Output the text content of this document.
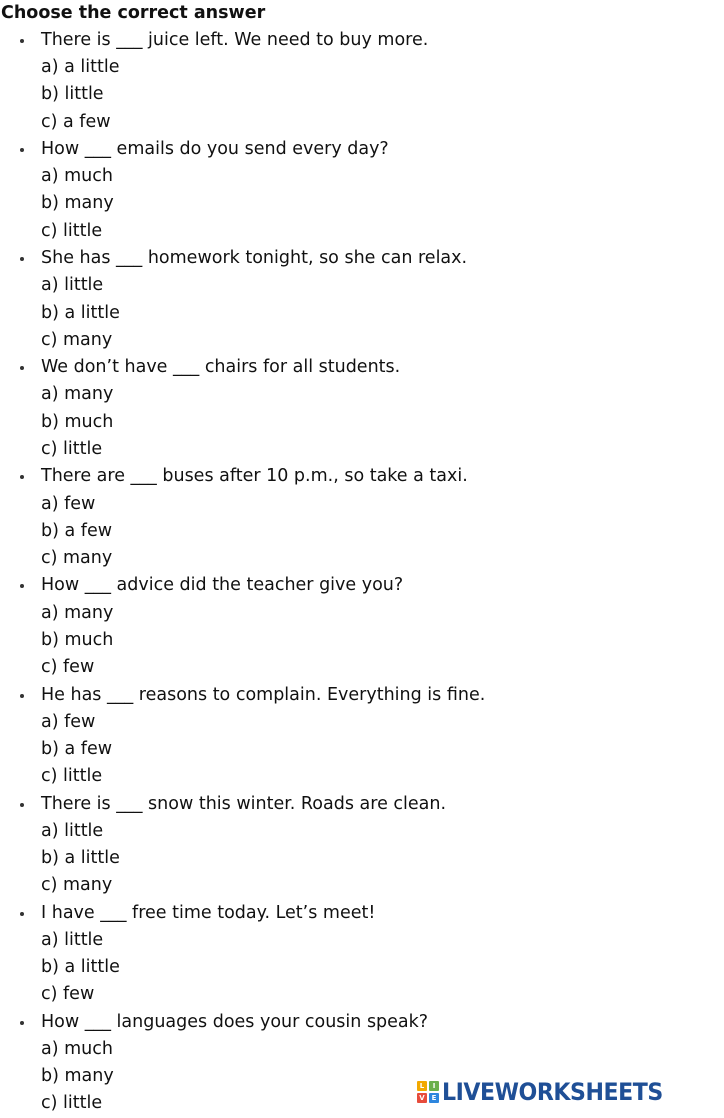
Choose the correct answer
There is ___ juice left. We need to buy more.
a) a little
b) little
c) a few
How ___ emails do you send every day?
a) much
b) many
c) little
She has ___ homework tonight, so she can relax.
a) little
b) a little
c) many
We don’t have ___ chairs for all students.
a) many
b) much
c) little
There are ___ buses after 10 p.m., so take a taxi.
a) few
b) a few
c) many
How ___ advice did the teacher give you?
a) many
b) much
c) few
He has ___ reasons to complain. Everything is fine.
a) few
b) a few
c) little
There is ___ snow this winter. Roads are clean.
a) little
b) a little
c) many
I have ___ free time today. Let’s meet!
a) little
b) a little
c) few
How ___ languages does your cousin speak?
a) much
b) many
c) little
L	I
V E LIVEWORKSHEETS
